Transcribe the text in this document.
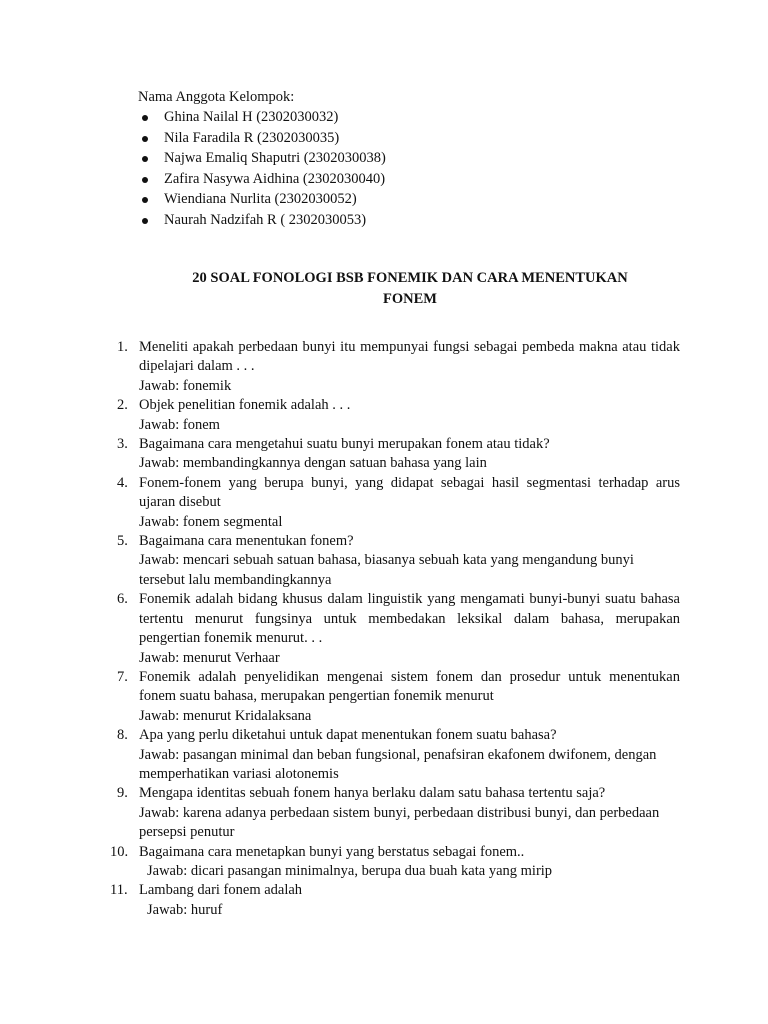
Nama Anggota Kelompok:
Ghina Nailal H (2302030032)
Nila Faradila R (2302030035)
Najwa Emaliq Shaputri (2302030038)
Zafira Nasywa Aidhina (2302030040)
Wiendiana Nurlita (2302030052)
Naurah Nadzifah R ( 2302030053)
20 SOAL FONOLOGI BSB FONEMIK DAN CARA MENENTUKAN
FONEM
1. Meneliti apakah perbedaan bunyi itu mempunyai fungsi sebagai pembeda makna atau tidak dipelajari dalam . . .
Jawab: fonemik
2. Objek penelitian fonemik adalah . . .
Jawab: fonem
3. Bagaimana cara mengetahui suatu bunyi merupakan fonem atau tidak?
Jawab: membandingkannya dengan satuan bahasa yang lain
4. Fonem-fonem yang berupa bunyi, yang didapat sebagai hasil segmentasi terhadap arus ujaran disebut
Jawab: fonem segmental
5. Bagaimana cara menentukan fonem?
Jawab: mencari sebuah satuan bahasa, biasanya sebuah kata yang mengandung bunyi tersebut lalu membandingkannya
6. Fonemik adalah bidang khusus dalam linguistik yang mengamati bunyi-bunyi suatu bahasa tertentu menurut fungsinya untuk membedakan leksikal dalam bahasa, merupakan pengertian fonemik menurut. . .
Jawab: menurut Verhaar
7. Fonemik adalah penyelidikan mengenai sistem fonem dan prosedur untuk menentukan fonem suatu bahasa, merupakan pengertian fonemik menurut
Jawab: menurut Kridalaksana
8. Apa yang perlu diketahui untuk dapat menentukan fonem suatu bahasa?
Jawab: pasangan minimal dan beban fungsional, penafsiran ekafonem dwifonem, dengan memperhatikan variasi alotonemis
9. Mengapa identitas sebuah fonem hanya berlaku dalam satu bahasa tertentu saja?
Jawab: karena adanya perbedaan sistem bunyi, perbedaan distribusi bunyi, dan perbedaan persepsi penutur
10. Bagaimana cara menetapkan bunyi yang berstatus sebagai fonem..
Jawab: dicari pasangan minimalnya, berupa dua buah kata yang mirip
11. Lambang dari fonem adalah
Jawab: huruf
